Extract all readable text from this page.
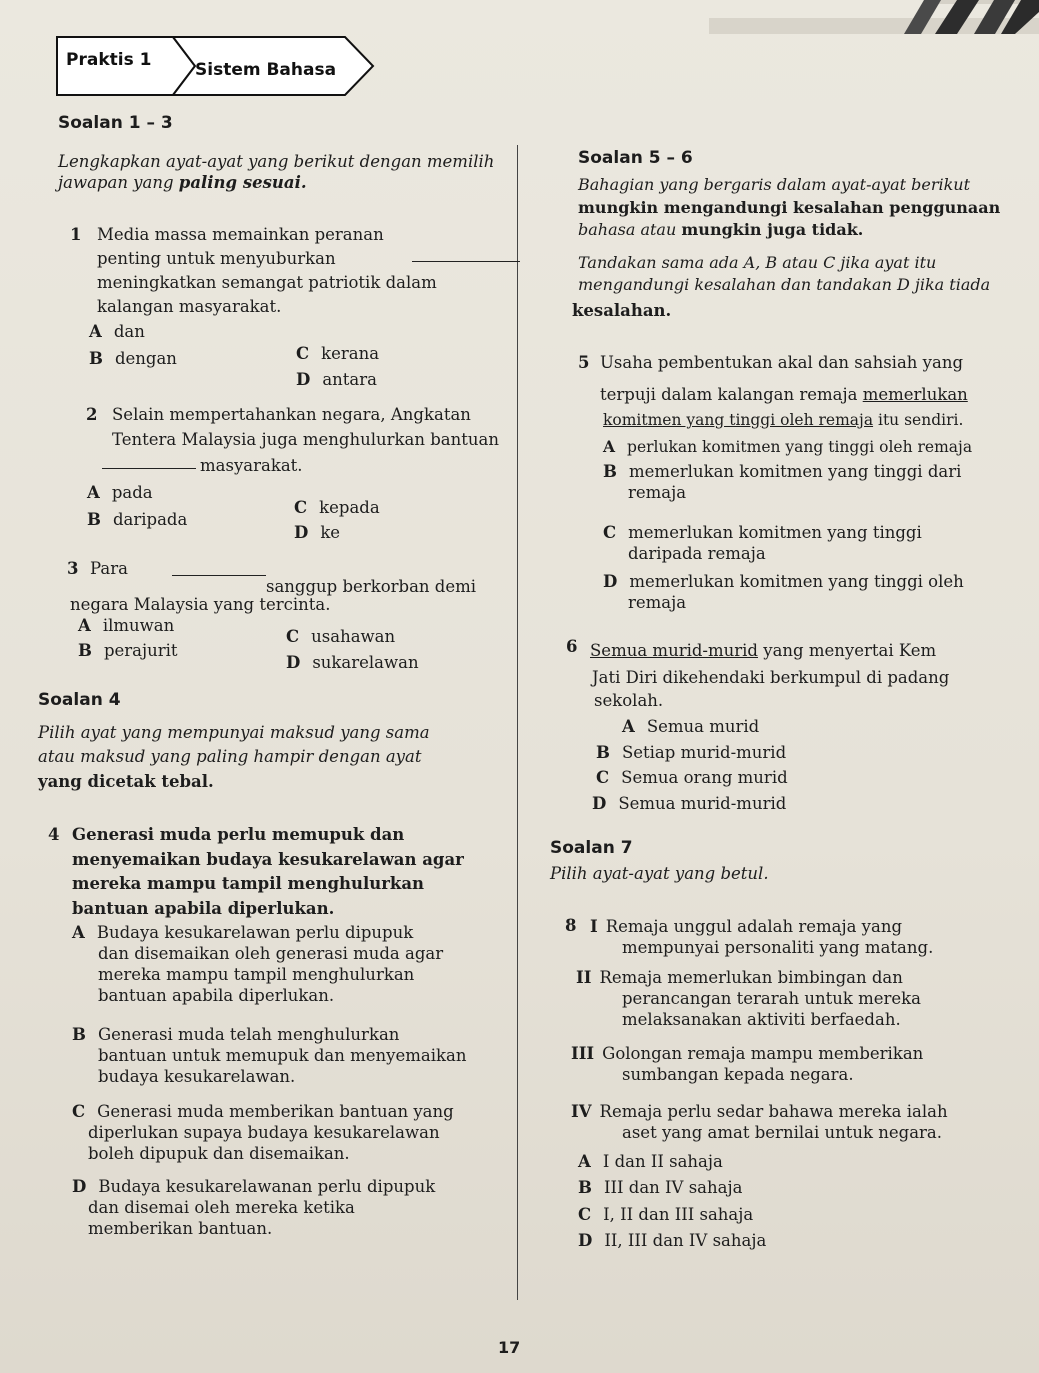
Praktis 1	Sistem Bahasa
Soalan 1 – 3
Lengkapkan ayat-ayat yang berikut dengan memilih
jawapan yang paling sesuai.
1 Media massa memainkan peranan
penting untuk menyuburkan
meningkatkan semangat patriotik dalam
kalangan masyarakat.
A dan
B dengan	C kerana
D antara
2 Selain mempertahankan negara, Angkatan
Tentera Malaysia juga menghulurkan bantuan
masyarakat.
A pada
B daripada
C kepada
D ke
3 Para
sanggup berkorban demi
negara Malaysia yang tercinta.
A ilmuwan
B perajurit
C usahawan
D sukarelawan
Soalan 4
Pilih ayat yang mempunyai maksud yang sama
atau maksud yang paling hampir dengan ayat
yang dicetak tebal.
4 Generasi muda perlu memupuk dan
menyemaikan budaya kesukarelawan agar
mereka mampu tampil menghulurkan
bantuan apabila diperlukan.
A Budaya kesukarelawan perlu dipupuk
dan disemaikan oleh generasi muda agar
mereka mampu tampil menghulurkan
bantuan apabila diperlukan.
B Generasi muda telah menghulurkan
bantuan untuk memupuk dan menyemaikan
budaya kesukarelawan.
C Generasi muda memberikan bantuan yang
diperlukan supaya budaya kesukarelawan
boleh dipupuk dan disemaikan.
D Budaya kesukarelawanan perlu dipupuk
dan disemai oleh mereka ketika
memberikan bantuan.
Soalan 5 – 6
Bahagian yang bergaris dalam ayat-ayat berikut
mungkin mengandungi kesalahan penggunaan
bahasa atau mungkin juga tidak.
Tandakan sama ada A, B atau C jika ayat itu
mengandungi kesalahan dan tandakan D jika tiada
kesalahan.
5 Usaha pembentukan akal dan sahsiah yang
terpuji dalam kalangan remaja memerlukan
komitmen yang tinggi oleh remaja itu sendiri.
A perlukan komitmen yang tinggi oleh remaja
B memerlukan komitmen yang tinggi dari
remaja
C memerlukan komitmen yang tinggi
daripada remaja
D memerlukan komitmen yang tinggi oleh
remaja
6 Semua murid-murid yang menyertai Kem
Jati Diri dikehendaki berkumpul di padang
sekolah.
A Semua murid
B Setiap murid-murid
C Semua orang murid
D Semua murid-murid
Soalan 7
Pilih ayat-ayat yang betul.
8 I Remaja unggul adalah remaja yang
mempunyai personaliti yang matang.
II Remaja memerlukan bimbingan dan
perancangan terarah untuk mereka
melaksanakan aktiviti berfaedah.
III Golongan remaja mampu memberikan
sumbangan kepada negara.
IV Remaja perlu sedar bahawa mereka ialah
aset yang amat bernilai untuk negara.
A I dan II sahaja
B III dan IV sahaja
C I, II dan III sahaja
D II, III dan IV sahaja
17
